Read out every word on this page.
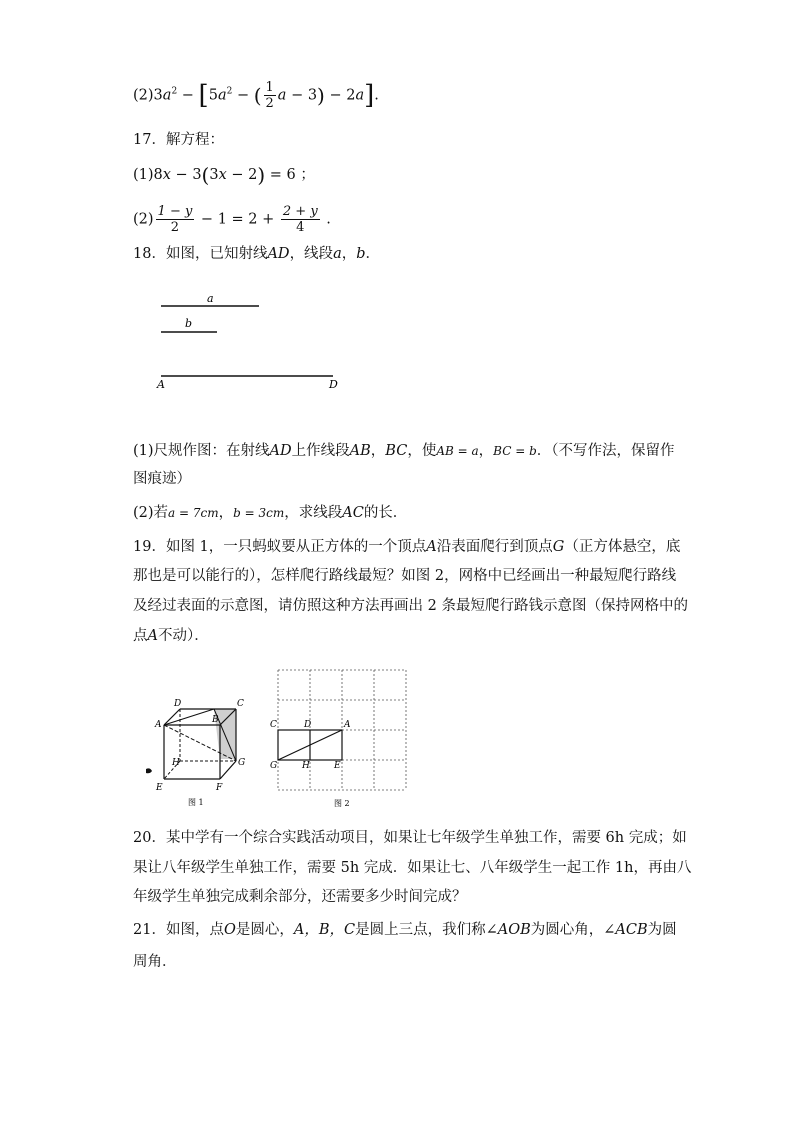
$(2)3a^2 - [5a^2$ − ( $\frac{1}{2}$ a − 3) − 2a].
17．解方程：
(1)8x − 3(3x − 2) = 6 ；
$(2) \frac{1 - y}{2} - 1 = 2 + \frac{2 + y}{4}$ .
18．如图，已知射线AD，线段a，b．
a
b
A	D
(1)尺规作图：在射线AD上作线段AB，BC，使AB = a，BC = b．（不写作法，保留作
图痕迹）
(2)若a = 7cm，b = 3cm，求线段AC的长．
19．如图 1，一只蚂蚁要从正方体的一个顶点A沿表面爬行到顶点G（正方体悬空，底
那也是可以能行的），怎样爬行路线最短？如图 2，网格中已经画出一种最短爬行路线
及经过表面的示意图，请仿照这种方法再画出 2 条最短爬行路钱示意图（保持网格中的
点A不动）．
D	C
A	B
H	G
E	F
图 1
C	D	A
G	H	E
图 2
20．某中学有一个综合实践活动项目，如果让七年级学生单独工作，需要 6h 完成；如
果让八年级学生单独工作，需要 5h 完成．如果让七、八年级学生一起工作 1h，再由八
年级学生单独完成剩余部分，还需要多少时间完成？
21．如图，点O是圆心，A，B，C是圆上三点，我们称∠AOB为圆心角，∠ACB为圆
周角．
